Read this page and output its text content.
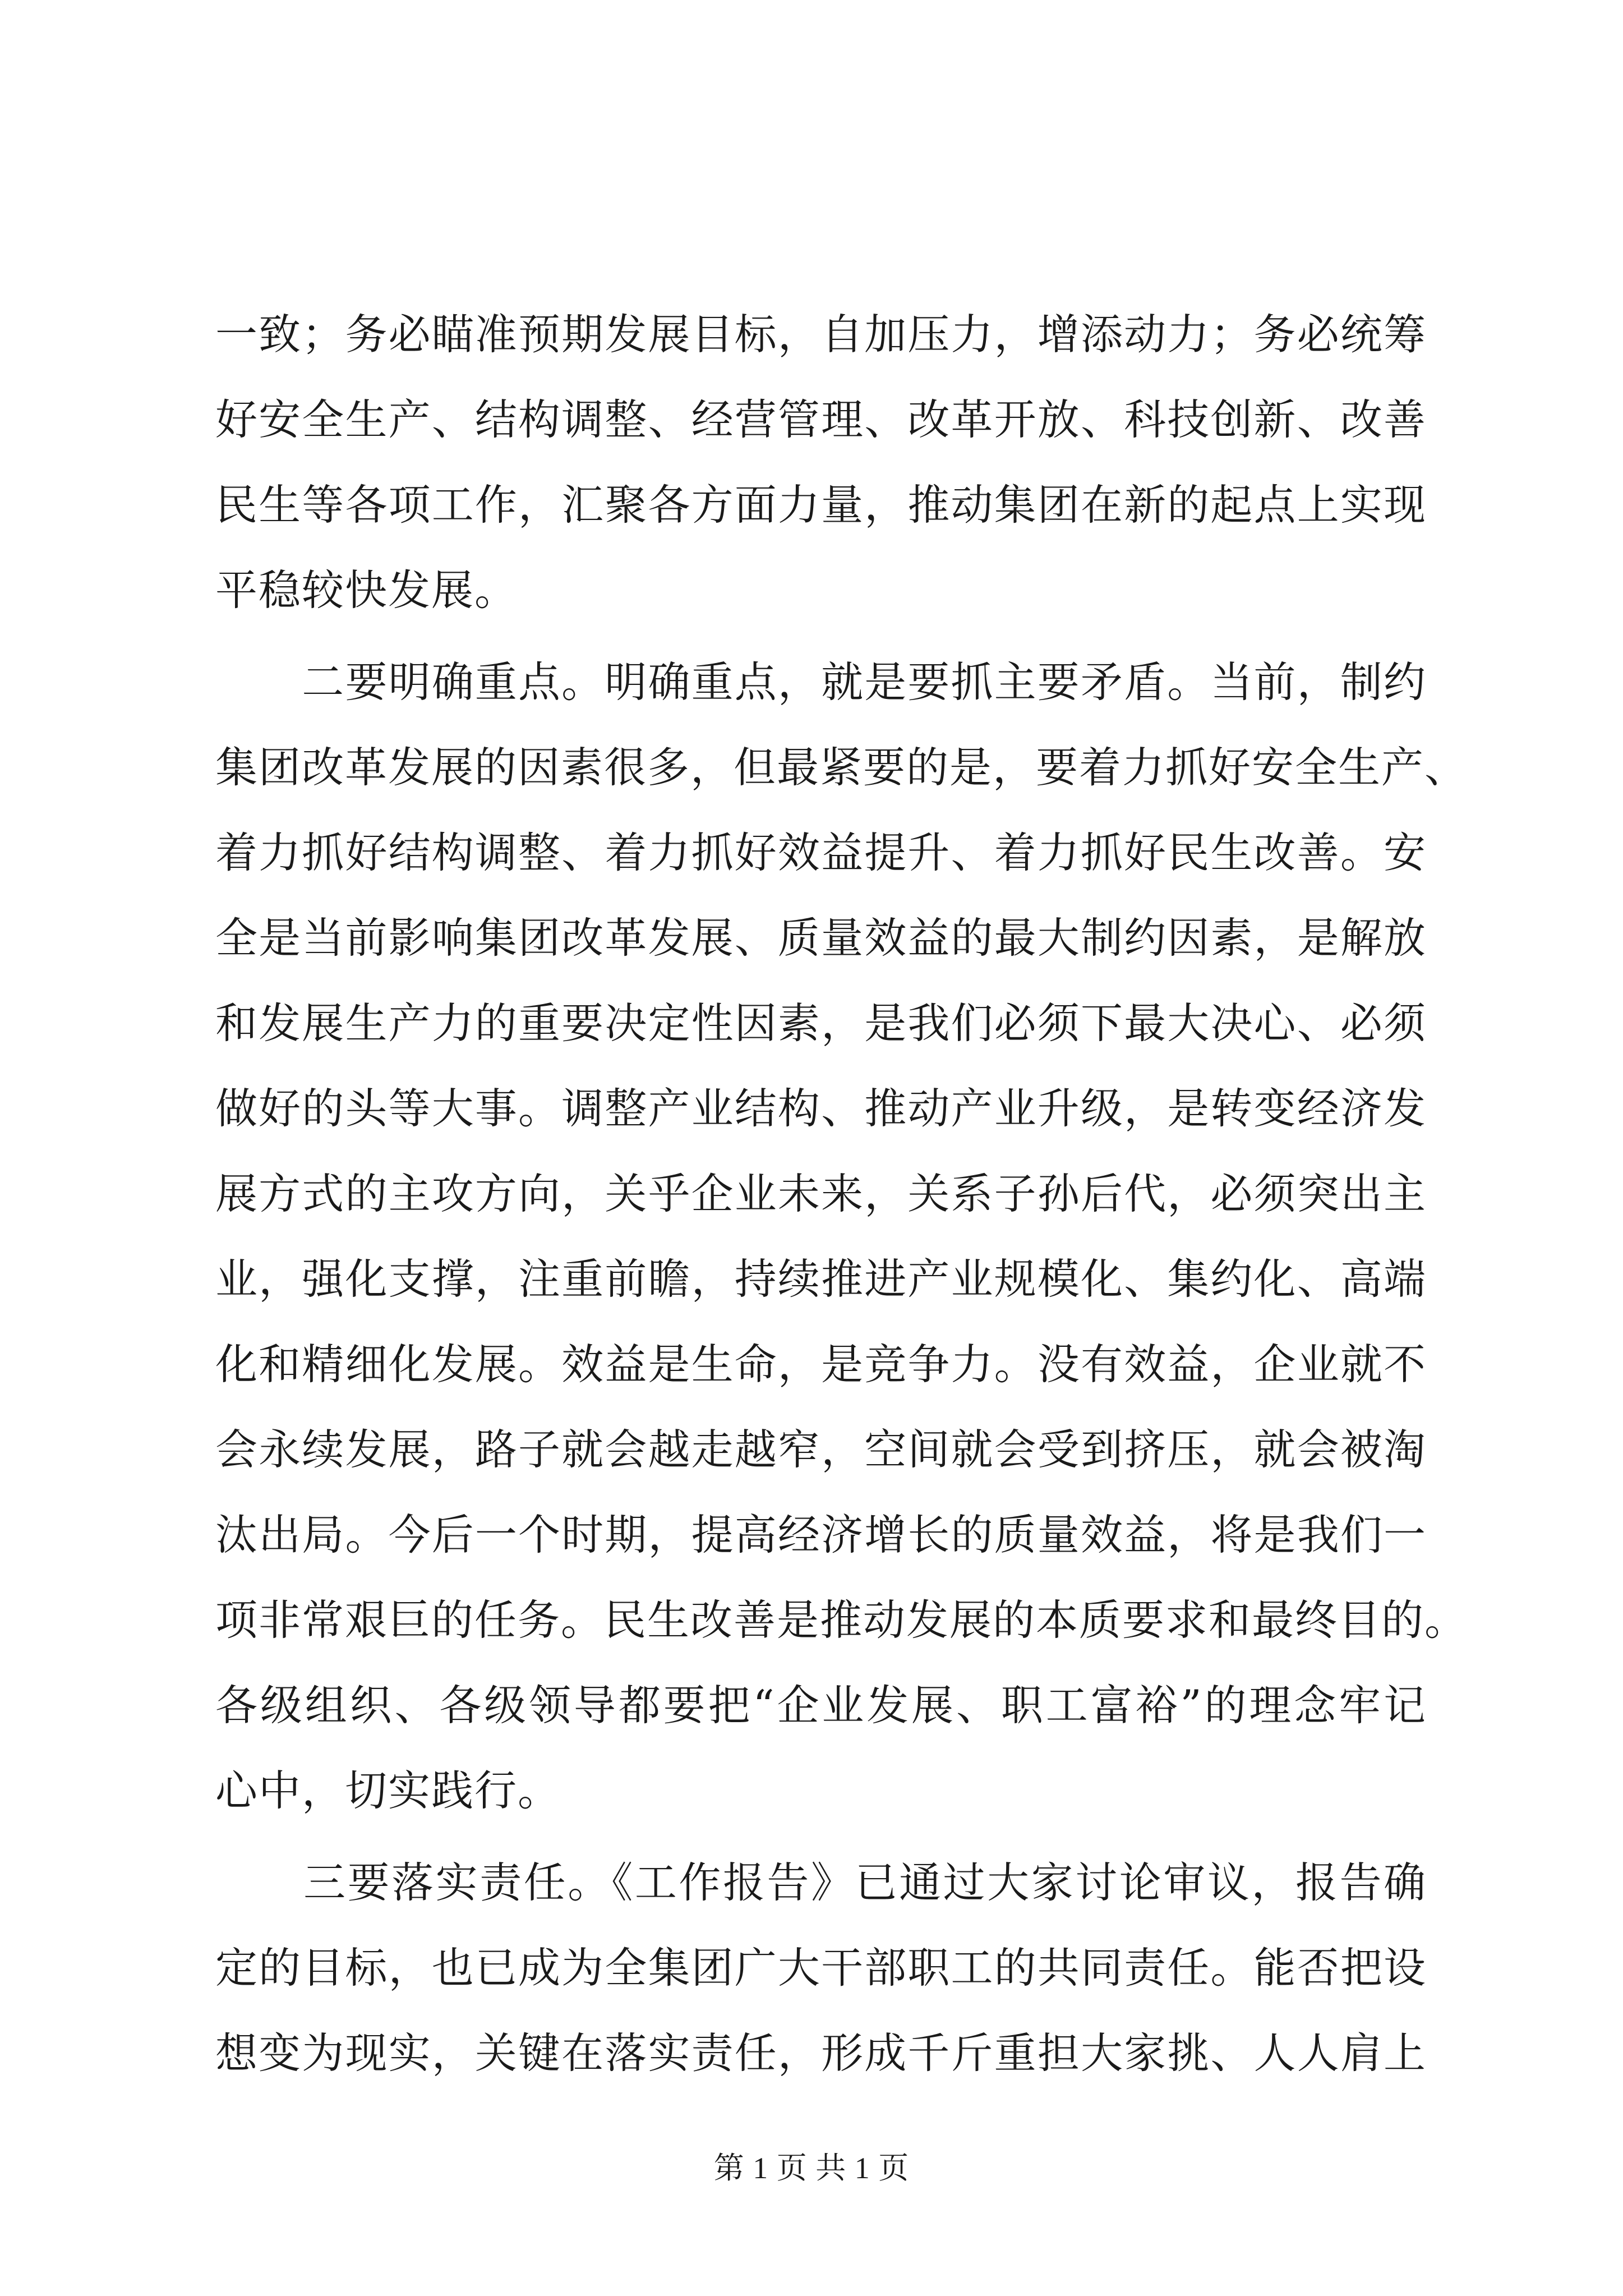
一致；务必瞄准预期发展目标，自加压力，增添动力；务必统筹
好安全生产、结构调整、经营管理、改革开放、科技创新、改善
民生等各项工作，汇聚各方面力量，推动集团在新的起点上实现
平稳较快发展。
　　二要明确重点。明确重点，就是要抓主要矛盾。当前，制约
集团改革发展的因素很多，但最紧要的是，要着力抓好安全生产、
着力抓好结构调整、着力抓好效益提升、着力抓好民生改善。安
全是当前影响集团改革发展、质量效益的最大制约因素，是解放
和发展生产力的重要决定性因素，是我们必须下最大决心、必须
做好的头等大事。调整产业结构、推动产业升级，是转变经济发
展方式的主攻方向，关乎企业未来，关系子孙后代，必须突出主
业，强化支撑，注重前瞻，持续推进产业规模化、集约化、高端
化和精细化发展。效益是生命，是竞争力。没有效益，企业就不
会永续发展，路子就会越走越窄，空间就会受到挤压，就会被淘
汰出局。今后一个时期，提高经济增长的质量效益，将是我们一
项非常艰巨的任务。民生改善是推动发展的本质要求和最终目的。
各级组织、各级领导都要把“企业发展、职工富裕”的理念牢记
心中，切实践行。
　　三要落实责任。《工作报告》已通过大家讨论审议，报告确
定的目标，也已成为全集团广大干部职工的共同责任。能否把设
想变为现实，关键在落实责任，形成千斤重担大家挑、人人肩上
第 1 页 共 1 页
